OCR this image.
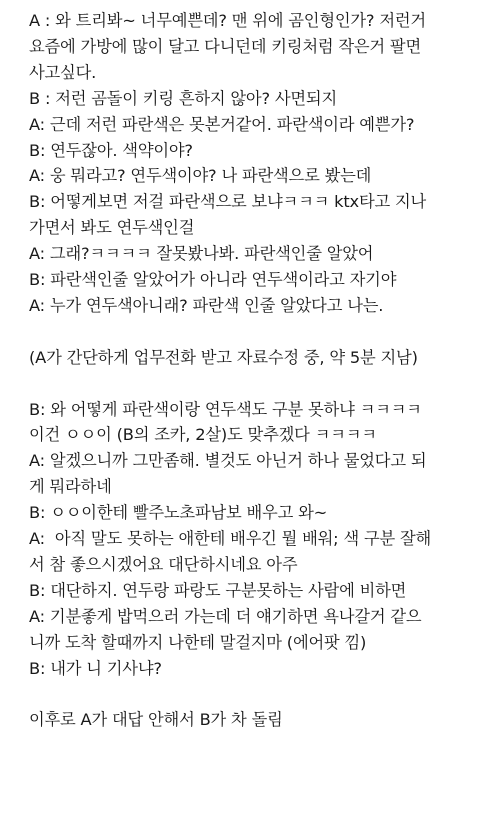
A : 와 트리봐~ 너무예쁜데? 맨 위에 곰인형인가? 저런거
요즘에 가방에 많이 달고 다니던데 키링처럼 작은거 팔면
사고싶다.
B : 저런 곰돌이 키링 흔하지 않아? 사면되지
A: 근데 저런 파란색은 못본거같어. 파란색이라 예쁜가?
B: 연두잖아. 색약이야?
A: 웅 뭐라고? 연두색이야? 나 파란색으로 봤는데
B: 어떻게보면 저걸 파란색으로 보냐ㅋㅋㅋ ktx타고 지나
가면서 봐도 연두색인걸
A: 그래?ㅋㅋㅋㅋ 잘못봤나봐. 파란색인줄 알았어
B: 파란색인줄 알았어가 아니라 연두색이라고 자기야
A: 누가 연두색아니래? 파란색 인줄 알았다고 나는.
(A가 간단하게 업무전화 받고 자료수정 중, 약 5분 지남)
B: 와 어떻게 파란색이랑 연두색도 구분 못하냐 ㅋㅋㅋㅋ
이건 ㅇㅇ이 (B의 조카, 2살)도 맞추겠다 ㅋㅋㅋㅋ
A: 알겠으니까 그만좀해. 별것도 아닌거 하나 물었다고 되
게 뭐라하네
B: ㅇㅇ이한테 빨주노초파남보 배우고 와~
A:  아직 말도 못하는 애한테 배우긴 뭘 배워; 색 구분 잘해
서 참 좋으시겠어요 대단하시네요 아주
B: 대단하지. 연두랑 파랑도 구분못하는 사람에 비하면
A: 기분좋게 밥먹으러 가는데 더 얘기하면 욕나갈거 같으
니까 도착 할때까지 나한테 말걸지마 (에어팟 낌)
B: 내가 니 기사냐?
이후로 A가 대답 안해서 B가 차 돌림
